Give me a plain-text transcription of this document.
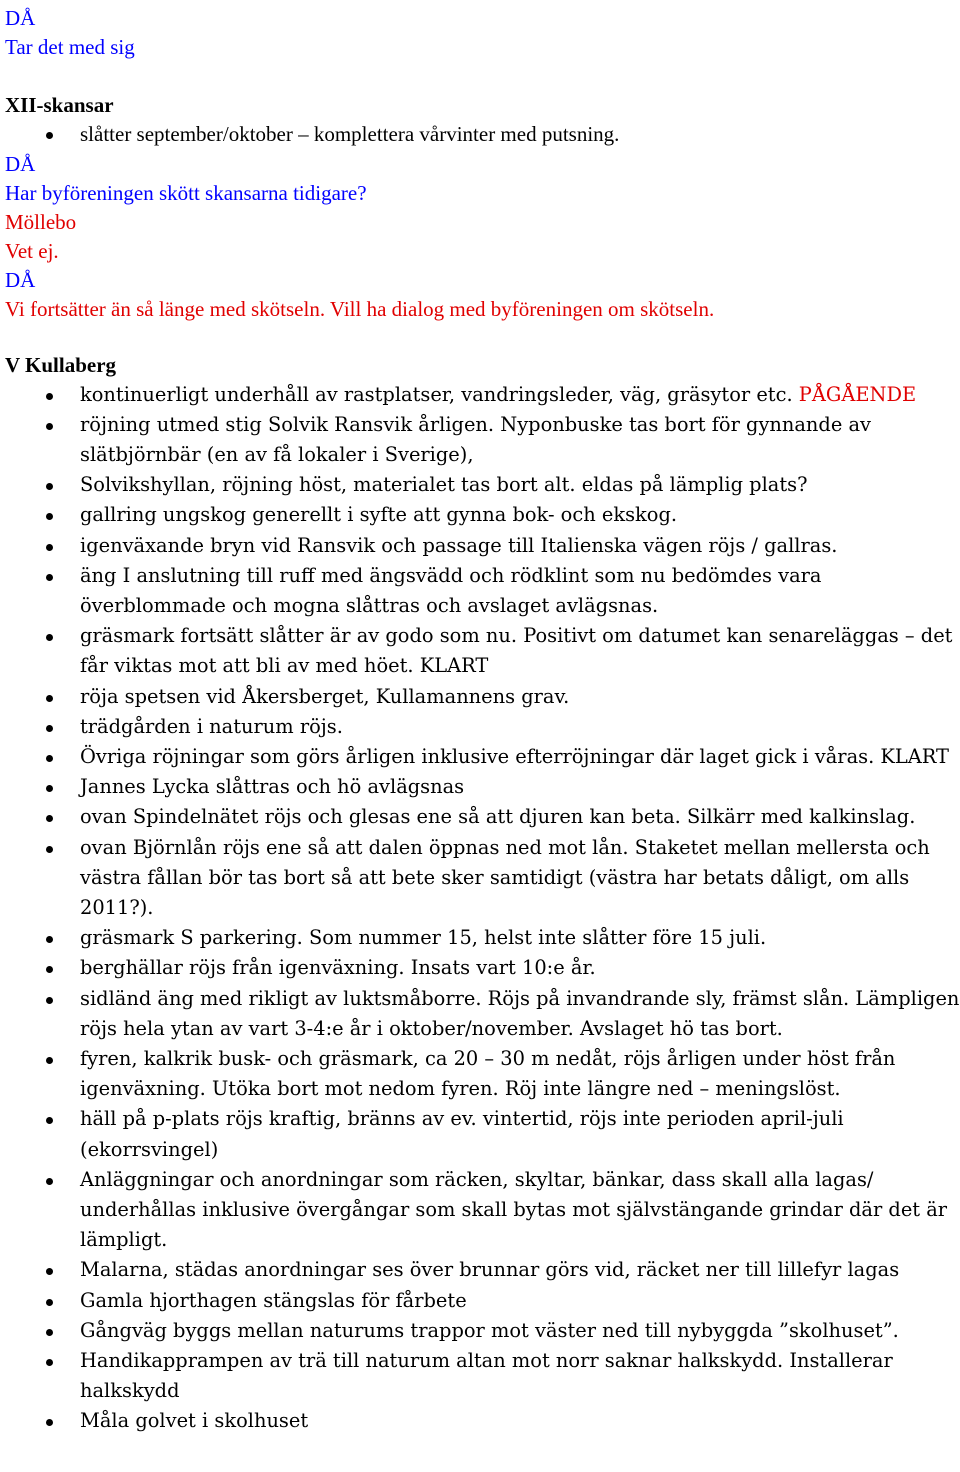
DÅ
Tar det med sig
XII-skansar
slåtter september/oktober – komplettera vårvinter med putsning.
DÅ
Har byföreningen skött skansarna tidigare?
Möllebo
Vet ej.
DÅ
Vi fortsätter än så länge med skötseln. Vill ha dialog med byföreningen om skötseln.
V Kullaberg
kontinuerligt underhåll av rastplatser, vandringsleder, väg, gräsytor etc. PÅGÅENDE
röjning utmed stig Solvik Ransvik årligen. Nyponbuske tas bort för gynnande av slätbjörnbär (en av få lokaler i Sverige),
Solvikshyllan, röjning höst, materialet tas bort alt. eldas på lämplig plats?
gallring ungskog generellt i syfte att gynna bok- och ekskog.
igenväxande bryn vid Ransvik och passage till Italienska vägen röjs / gallras.
äng I anslutning till ruff med ängsvädd och rödklint som nu bedömdes vara överblommade och mogna slåttras och avslaget avlägsnas.
gräsmark fortsätt slåtter är av godo som nu. Positivt om datumet kan senareläggas – det får viktas mot att bli av med höet. KLART
röja spetsen vid Åkersberget, Kullamannens grav.
trädgården i naturum röjs.
Övriga röjningar som görs årligen inklusive efterröjningar där laget gick i våras. KLART
Jannes Lycka slåttras och hö avlägsnas
ovan Spindelnätet röjs och glesas ene så att djuren kan beta. Silkärr med kalkinslag.
ovan Björnlån röjs ene så att dalen öppnas ned mot lån. Staketet mellan mellersta och västra fållan bör tas bort så att bete sker samtidigt (västra har betats dåligt, om alls 2011?).
gräsmark S parkering. Som nummer 15, helst inte slåtter före 15 juli.
berghällar röjs från igenväxning. Insats vart 10:e år.
sidländ äng med rikligt av luktsmåborre. Röjs på invandrande sly, främst slån. Lämpligen röjs hela ytan av vart 3-4:e år i oktober/november. Avslaget hö tas bort.
fyren, kalkrik busk- och gräsmark, ca 20 – 30 m nedåt, röjs årligen under höst från igenväxning. Utöka bort mot nedom fyren. Röj inte längre ned – meningslöst.
häll på p-plats röjs kraftig, bränns av ev. vintertid, röjs inte perioden april-juli (ekorrsvingel)
Anläggningar och anordningar som räcken, skyltar, bänkar, dass skall alla lagas/ underhållas inklusive övergångar som skall bytas mot självstängande grindar där det är lämpligt.
Malarna, städas anordningar ses över brunnar görs vid, räcket ner till lillefyr lagas
Gamla hjorthagen stängslas för fårbete
Gångväg byggs mellan naturums trappor mot väster ned till nybyggda ”skolhuset”.
Handikapprampen av trä till naturum altan mot norr saknar halkskydd. Installerar halkskydd
Måla golvet i skolhuset
